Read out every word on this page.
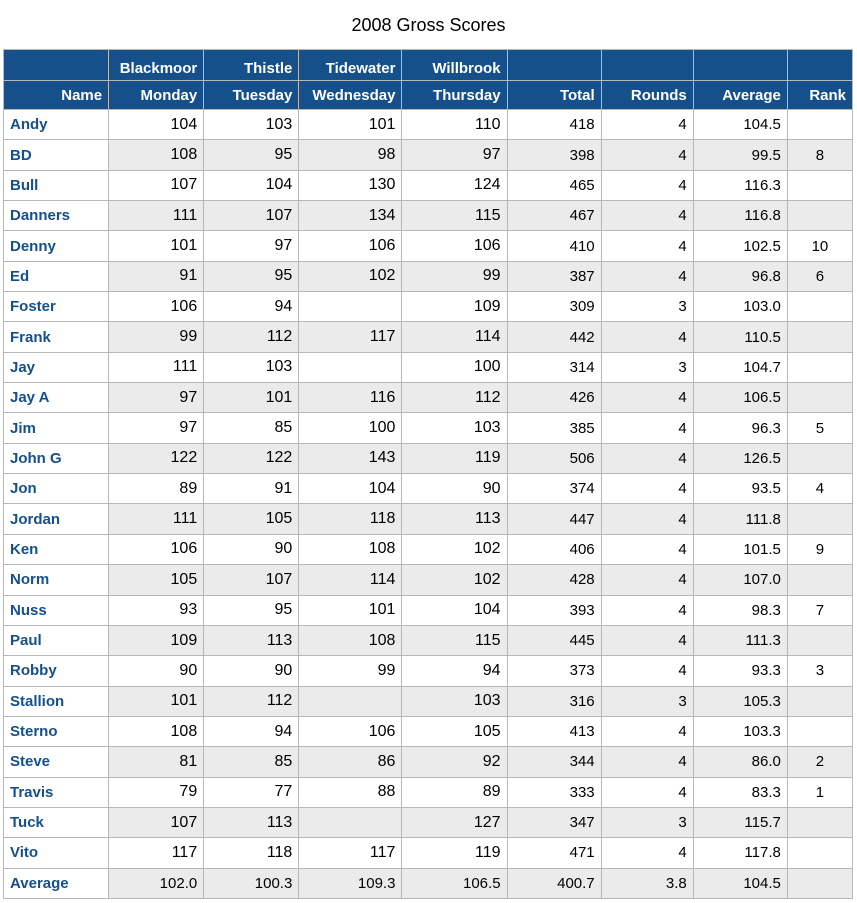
2008 Gross Scores
	Blackmoor	Thistle	Tidewater	Willbrook				
Name	Monday	Tuesday	Wednesday	Thursday	Total	Rounds	Average	Rank
Andy	104	103	101	110	418	4	104.5	
BD	108	95	98	97	398	4	99.5	8
Bull	107	104	130	124	465	4	116.3	
Danners	111	107	134	115	467	4	116.8	
Denny	101	97	106	106	410	4	102.5	10
Ed	91	95	102	99	387	4	96.8	6
Foster	106	94		109	309	3	103.0	
Frank	99	112	117	114	442	4	110.5	
Jay	111	103		100	314	3	104.7	
Jay A	97	101	116	112	426	4	106.5	
Jim	97	85	100	103	385	4	96.3	5
John G	122	122	143	119	506	4	126.5	
Jon	89	91	104	90	374	4	93.5	4
Jordan	111	105	118	113	447	4	111.8	
Ken	106	90	108	102	406	4	101.5	9
Norm	105	107	114	102	428	4	107.0	
Nuss	93	95	101	104	393	4	98.3	7
Paul	109	113	108	115	445	4	111.3	
Robby	90	90	99	94	373	4	93.3	3
Stallion	101	112		103	316	3	105.3	
Sterno	108	94	106	105	413	4	103.3	
Steve	81	85	86	92	344	4	86.0	2
Travis	79	77	88	89	333	4	83.3	1
Tuck	107	113		127	347	3	115.7	
Vito	117	118	117	119	471	4	117.8	
Average	102.0	100.3	109.3	106.5	400.7	3.8	104.5	
